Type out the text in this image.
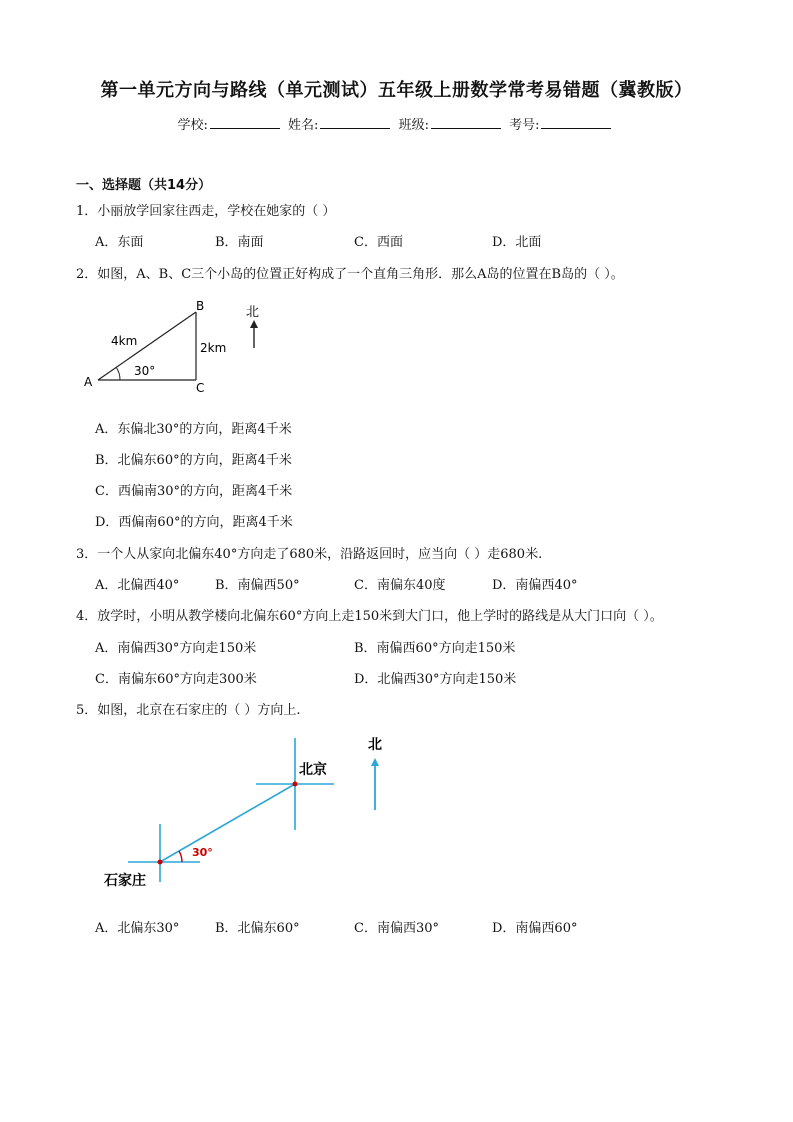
第一单元方向与路线（单元测试）五年级上册数学常考易错题（冀教版）
学校:	姓名:	班级:	考号:
一、选择题（共14分）
1．小丽放学回家往西走，学校在她家的（ ）
A．东面	B．南面	C．西面	D．北面
2．如图，A、B、C三个小岛的位置正好构成了一个直角三角形．那么A岛的位置在B岛的（ ）。
A
B
C
4km	2km
30°
北
A．东偏北30°的方向，距离4千米
B．北偏东60°的方向，距离4千米
C．西偏南30°的方向，距离4千米
D．西偏南60°的方向，距离4千米
3．一个人从家向北偏东40°方向走了680米，沿路返回时，应当向（ ）走680米.
A．北偏西40°	B．南偏西50°	C．南偏东40度	D．南偏西40°
4．放学时，小明从教学楼向北偏东60°方向上走150米到大门口，他上学时的路线是从大门口向（ ）。
A．南偏西30°方向走150米	B．南偏西60°方向走150米
C．南偏东60°方向走300米	D．北偏西30°方向走150米
5．如图，北京在石家庄的（ ）方向上.
30°
北京
石家庄
北
A．北偏东30°	B．北偏东60°	C．南偏西30°	D．南偏西60°
